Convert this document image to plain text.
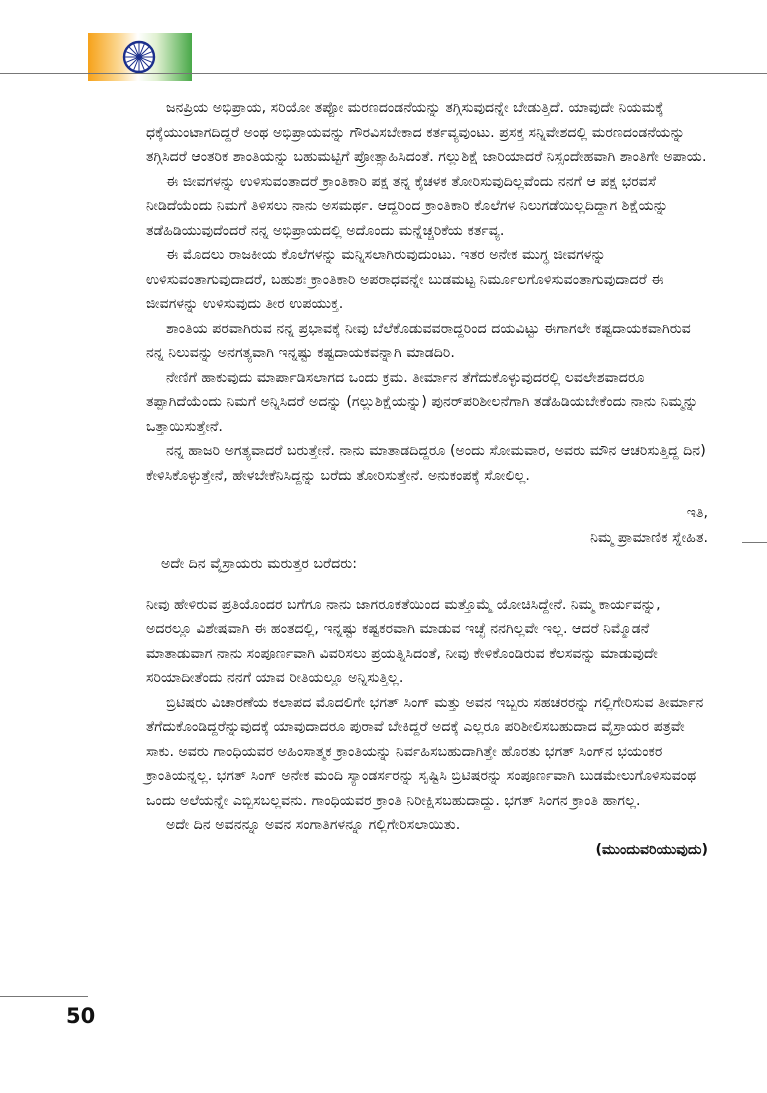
ಜನಪ್ರಿಯ ಅಭಿಪ್ರಾಯ, ಸರಿಯೋ ತಪ್ಪೋ ಮರಣದಂಡನೆಯನ್ನು ತಗ್ಗಿಸುವುದನ್ನೇ ಬೇಡುತ್ತಿದೆ. ಯಾವುದೇ ನಿಯಮಕ್ಕೆ ಧಕ್ಕೆಯುಂಟಾಗದಿದ್ದರೆ ಅಂಥ ಅಭಿಪ್ರಾಯವನ್ನು ಗೌರವಿಸಬೇಕಾದ ಕರ್ತವ್ಯವುಂಟು. ಪ್ರಸಕ್ತ ಸನ್ನಿವೇಶದಲ್ಲಿ ಮರಣದಂಡನೆಯನ್ನು ತಗ್ಗಿಸಿದರೆ ಆಂತರಿಕ ಶಾಂತಿಯನ್ನು ಬಹುಮಟ್ಟಿಗೆ ಪ್ರೋತ್ಸಾಹಿಸಿದಂತೆ. ಗಲ್ಲುಶಿಕ್ಷೆ ಜಾರಿಯಾದರೆ ನಿಸ್ಸಂದೇಹವಾಗಿ ಶಾಂತಿಗೇ ಅಪಾಯ.

ಈ ಜೀವಗಳನ್ನು ಉಳಿಸುವಂತಾದರೆ ಕ್ರಾಂತಿಕಾರಿ ಪಕ್ಷ ತನ್ನ ಕೈಚಳಕ ತೋರಿಸುವುದಿಲ್ಲವೆಂದು ನನಗೆ ಆ ಪಕ್ಷ ಭರವಸೆ ನೀಡಿದೆಯೆಂದು ನಿಮಗೆ ತಿಳಿಸಲು ನಾನು ಅಸಮರ್ಥ. ಆದ್ದರಿಂದ ಕ್ರಾಂತಿಕಾರಿ ಕೊಲೆಗಳ ನಿಲುಗಡೆಯಿಲ್ಲದಿದ್ದಾಗ ಶಿಕ್ಷೆಯನ್ನು ತಡೆಹಿಡಿಯುವುದೆಂದರೆ ನನ್ನ ಅಭಿಪ್ರಾಯದಲ್ಲಿ ಅದೊಂದು ಮನ್ನೆಚ್ಚರಿಕೆಯ ಕರ್ತವ್ಯ.

ಈ ಮೊದಲು ರಾಜಕೀಯ ಕೊಲೆಗಳನ್ನು ಮನ್ನಿಸಲಾಗಿರುವುದುಂಟು. ಇತರ ಅನೇಕ ಮುಗ್ಧ ಜೀವಗಳನ್ನು ಉಳಿಸುವಂತಾಗುವುದಾದರೆ, ಬಹುಶಃ ಕ್ರಾಂತಿಕಾರಿ ಅಪರಾಧವನ್ನೇ ಬುಡಮಟ್ಟ ನಿರ್ಮೂಲಗೊಳಿಸುವಂತಾಗುವುದಾದರೆ ಈ ಜೀವಗಳನ್ನು ಉಳಿಸುವುದು ತೀರ ಉಪಯುಕ್ತ.

ಶಾಂತಿಯ ಪರವಾಗಿರುವ ನನ್ನ ಪ್ರಭಾವಕ್ಕೆ ನೀವು ಬೆಲೆಕೊಡುವವರಾದ್ದರಿಂದ ದಯವಿಟ್ಟು ಈಗಾಗಲೇ ಕಷ್ಟದಾಯಕವಾಗಿರುವ ನನ್ನ ನಿಲುವನ್ನು ಅನಗತ್ಯವಾಗಿ ಇನ್ನಷ್ಟು ಕಷ್ಟದಾಯಕವನ್ನಾಗಿ ಮಾಡದಿರಿ.

ನೇಣಿಗೆ ಹಾಕುವುದು ಮಾರ್ಪಾಡಿಸಲಾಗದ ಒಂದು ಕ್ರಮ. ತೀರ್ಮಾನ ತೆಗೆದುಕೊಳ್ಳುವುದರಲ್ಲಿ ಲವಲೇಶವಾದರೂ ತಪ್ಪಾಗಿದೆಯೆಂದು ನಿಮಗೆ ಅನ್ನಿಸಿದರೆ ಅದನ್ನು (ಗಲ್ಲುಶಿಕ್ಷೆಯನ್ನು) ಪುನರ್‌ಪರಿಶೀಲನೆಗಾಗಿ ತಡೆಹಿಡಿಯಬೇಕೆಂದು ನಾನು ನಿಮ್ಮನ್ನು ಒತ್ತಾಯಿಸುತ್ತೇನೆ.

ನನ್ನ ಹಾಜರಿ ಅಗತ್ಯವಾದರೆ ಬರುತ್ತೇನೆ. ನಾನು ಮಾತಾಡದಿದ್ದರೂ (ಅಂದು ಸೋಮವಾರ, ಅವರು ಮೌನ ಆಚರಿಸುತ್ತಿದ್ದ ದಿನ) ಕೇಳಿಸಿಕೊಳ್ಳುತ್ತೇನೆ, ಹೇಳಬೇಕೆನಿಸಿದ್ದನ್ನು ಬರೆದು ತೋರಿಸುತ್ತೇನೆ. ಅನುಕಂಪಕ್ಕೆ ಸೋಲಿಲ್ಲ.

ಇತಿ,

ನಿಮ್ಮ ಪ್ರಾಮಾಣಿಕ ಸ್ನೇಹಿತ.

ಅದೇ ದಿನ ವೈಸ್ರಾಯರು ಮರುತ್ತರ ಬರೆದರು:

ನೀವು ಹೇಳಿರುವ ಪ್ರತಿಯೊಂದರ ಬಗೆಗೂ ನಾನು ಜಾಗರೂಕತೆಯಿಂದ ಮತ್ತೊಮ್ಮೆ ಯೋಚಿಸಿದ್ದೇನೆ. ನಿಮ್ಮ ಕಾರ್ಯವನ್ನು, ಅದರಲ್ಲೂ ವಿಶೇಷವಾಗಿ ಈ ಹಂತದಲ್ಲಿ, ಇನ್ನಷ್ಟು ಕಷ್ಟಕರವಾಗಿ ಮಾಡುವ ಇಚ್ಛೆ ನನಗಿಲ್ಲವೇ ಇಲ್ಲ. ಆದರೆ ನಿಮ್ಮೊಡನೆ ಮಾತಾಡುವಾಗ ನಾನು ಸಂಪೂರ್ಣವಾಗಿ ವಿವರಿಸಲು ಪ್ರಯತ್ನಿಸಿದಂತೆ, ನೀವು ಕೇಳಿಕೊಂಡಿರುವ ಕೆಲಸವನ್ನು ಮಾಡುವುದೇ ಸರಿಯಾದೀತೆಂದು ನನಗೆ ಯಾವ ರೀತಿಯಲ್ಲೂ ಅನ್ನಿಸುತ್ತಿಲ್ಲ.

ಬ್ರಿಟಿಷರು ವಿಚಾರಣೆಯ ಕಲಾಪದ ಮೊದಲಿಗೇ ಭಗತ್ ಸಿಂಗ್ ಮತ್ತು ಅವನ ಇಬ್ಬರು ಸಹಚರರನ್ನು ಗಲ್ಲಿಗೇರಿಸುವ ತೀರ್ಮಾನ ತೆಗೆದುಕೊಂಡಿದ್ದರೆನ್ನುವುದಕ್ಕೆ ಯಾವುದಾದರೂ ಪುರಾವೆ ಬೇಕಿದ್ದರೆ ಅದಕ್ಕೆ ಎಲ್ಲರೂ ಪರಿಶೀಲಿಸಬಹುದಾದ ವೈಸ್ರಾಯರ ಪತ್ರವೇ ಸಾಕು. ಅವರು ಗಾಂಧಿಯವರ ಅಹಿಂಸಾತ್ಮಕ ಕ್ರಾಂತಿಯನ್ನು ನಿರ್ವಹಿಸಬಹುದಾಗಿತ್ತೇ ಹೊರತು ಭಗತ್ ಸಿಂಗ್‌ನ ಭಯಂಕರ ಕ್ರಾಂತಿಯನ್ನಲ್ಲ. ಭಗತ್ ಸಿಂಗ್ ಅನೇಕ ಮಂದಿ ಸ್ಯಾಂಡರ್ಸರನ್ನು ಸೃಷ್ಟಿಸಿ ಬ್ರಿಟಿಷರನ್ನು ಸಂಪೂರ್ಣವಾಗಿ ಬುಡಮೇಲುಗೊಳಿಸುವಂಥ ಒಂದು ಅಲೆಯನ್ನೇ ಎಬ್ಬಿಸಬಲ್ಲವನು. ಗಾಂಧಿಯವರ ಕ್ರಾಂತಿ ನಿರೀಕ್ಷಿಸಬಹುದಾದ್ದು. ಭಗತ್ ಸಿಂಗನ ಕ್ರಾಂತಿ ಹಾಗಲ್ಲ.

ಅದೇ ದಿನ ಅವನನ್ನೂ ಅವನ ಸಂಗಾತಿಗಳನ್ನೂ ಗಲ್ಲಿಗೇರಿಸಲಾಯಿತು.

(ಮುಂದುವರಿಯುವುದು)

50
